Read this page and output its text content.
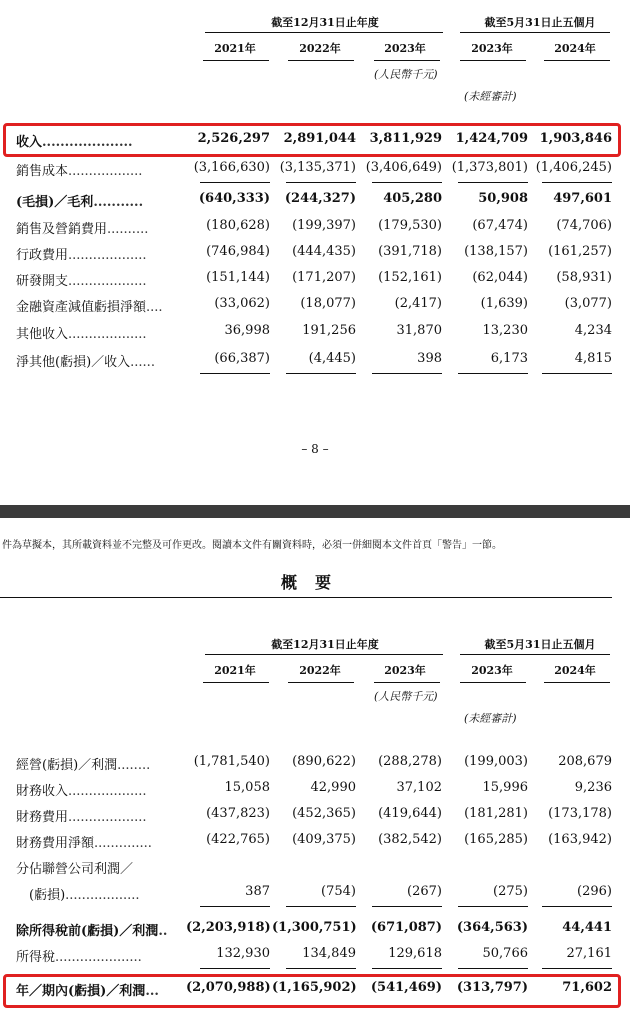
截至12月31日止年度	截至5月31日止五個月
2021年	2022年	2023年	2023年	2024年
(人民幣千元)
(未經審計)
收入....................	2,526,297	2,891,044	3,811,929	1,424,709 1,903,846
銷售成本..................	(3,166,630) (3,135,371) (3,406,649) (1,373,801) (1,406,245)
(毛損)／毛利...........	(640,333)	(244,327)	405,280	50,908	497,601
銷售及營銷費用..........	(180,628)	(199,397)	(179,530)	(67,474)	(74,706)
行政費用...................	(746,984)	(444,435)	(391,718)	(138,157)	(161,257)
研發開支...................	(151,144)	(171,207)	(152,161)	(62,044)	(58,931)
金融資產減值虧損淨額....	(33,062)	(18,077)	(2,417)	(1,639)	(3,077)
其他收入...................	36,998	191,256	31,870	13,230	4,234
淨其他(虧損)／收入......	(66,387)	(4,445)	398	6,173	4,815
– 8 –
件為草擬本，其所載資料並不完整及可作更改。閱讀本文件有關資料時，必須一併細閱本文件首頁「警告」一節。
概要
截至12月31日止年度	截至5月31日止五個月
2021年	2022年	2023年	2023年	2024年
(人民幣千元)
(未經審計)
經營(虧損)／利潤........	(1,781,540)	(890,622)	(288,278)	(199,003)	208,679
財務收入...................	15,058	42,990	37,102	15,996	9,236
財務費用...................	(437,823)	(452,365)	(419,644)	(181,281)	(173,178)
財務費用淨額..............	(422,765)	(409,375)	(382,542)	(165,285)	(163,942)
分佔聯營公司利潤／
　(虧損)..................	387	(754)	(267)	(275)	(296)
除所得稅前(虧損)／利潤.. (2,203,918) (1,300,751)	(671,087)	(364,563)	44,441
所得稅.....................	132,930	134,849	129,618	50,766	27,161
年／期內(虧損)／利潤... (2,070,988) (1,165,902)	(541,469)	(313,797)	71,602
